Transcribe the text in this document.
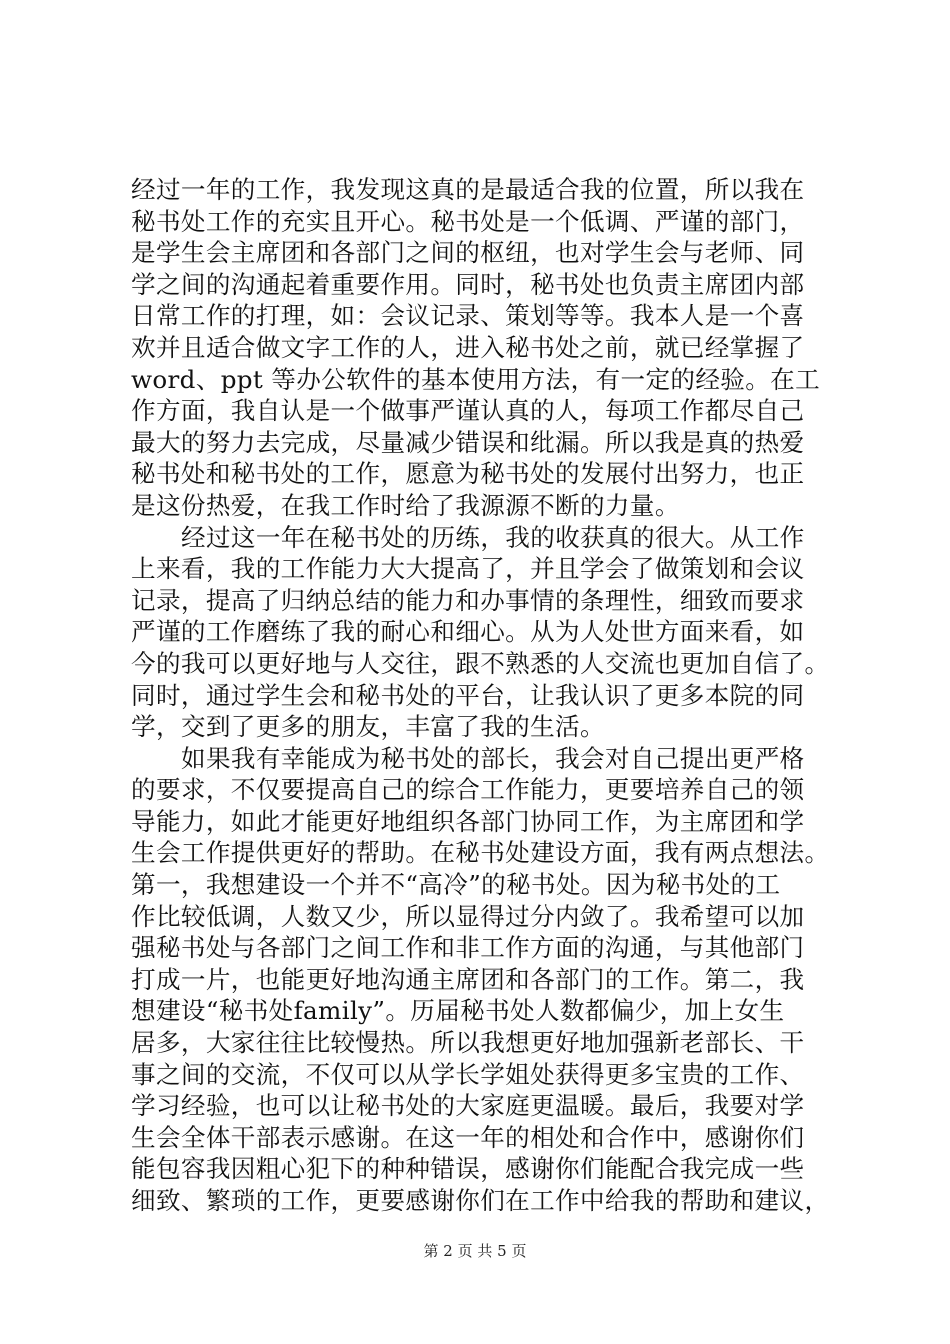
经过一年的工作，我发现这真的是最适合我的位置，所以我在
秘书处工作的充实且开心。秘书处是一个低调、严谨的部门，
是学生会主席团和各部门之间的枢纽，也对学生会与老师、同
学之间的沟通起着重要作用。同时，秘书处也负责主席团内部
日常工作的打理，如：会议记录、策划等等。我本人是一个喜
欢并且适合做文字工作的人，进入秘书处之前，就已经掌握了
word、ppt 等办公软件的基本使用方法，有一定的经验。在工
作方面，我自认是一个做事严谨认真的人，每项工作都尽自己
最大的努力去完成，尽量减少错误和纰漏。所以我是真的热爱
秘书处和秘书处的工作，愿意为秘书处的发展付出努力，也正
是这份热爱，在我工作时给了我源源不断的力量。
经过这一年在秘书处的历练，我的收获真的很大。从工作
上来看，我的工作能力大大提高了，并且学会了做策划和会议
记录，提高了归纳总结的能力和办事情的条理性，细致而要求
严谨的工作磨练了我的耐心和细心。从为人处世方面来看，如
今的我可以更好地与人交往，跟不熟悉的人交流也更加自信了。
同时，通过学生会和秘书处的平台，让我认识了更多本院的同
学，交到了更多的朋友，丰富了我的生活。
如果我有幸能成为秘书处的部长，我会对自己提出更严格
的要求，不仅要提高自己的综合工作能力，更要培养自己的领
导能力，如此才能更好地组织各部门协同工作，为主席团和学
生会工作提供更好的帮助。在秘书处建设方面，我有两点想法。
第一，我想建设一个并不“高冷”的秘书处。因为秘书处的工
作比较低调，人数又少，所以显得过分内敛了。我希望可以加
强秘书处与各部门之间工作和非工作方面的沟通，与其他部门
打成一片，也能更好地沟通主席团和各部门的工作。第二，我
想建设“秘书处family”。历届秘书处人数都偏少，加上女生
居多，大家往往比较慢热。所以我想更好地加强新老部长、干
事之间的交流，不仅可以从学长学姐处获得更多宝贵的工作、
学习经验，也可以让秘书处的大家庭更温暖。最后，我要对学
生会全体干部表示感谢。在这一年的相处和合作中，感谢你们
能包容我因粗心犯下的种种错误，感谢你们能配合我完成一些
细致、繁琐的工作，更要感谢你们在工作中给我的帮助和建议，
第 2 页 共 5 页
